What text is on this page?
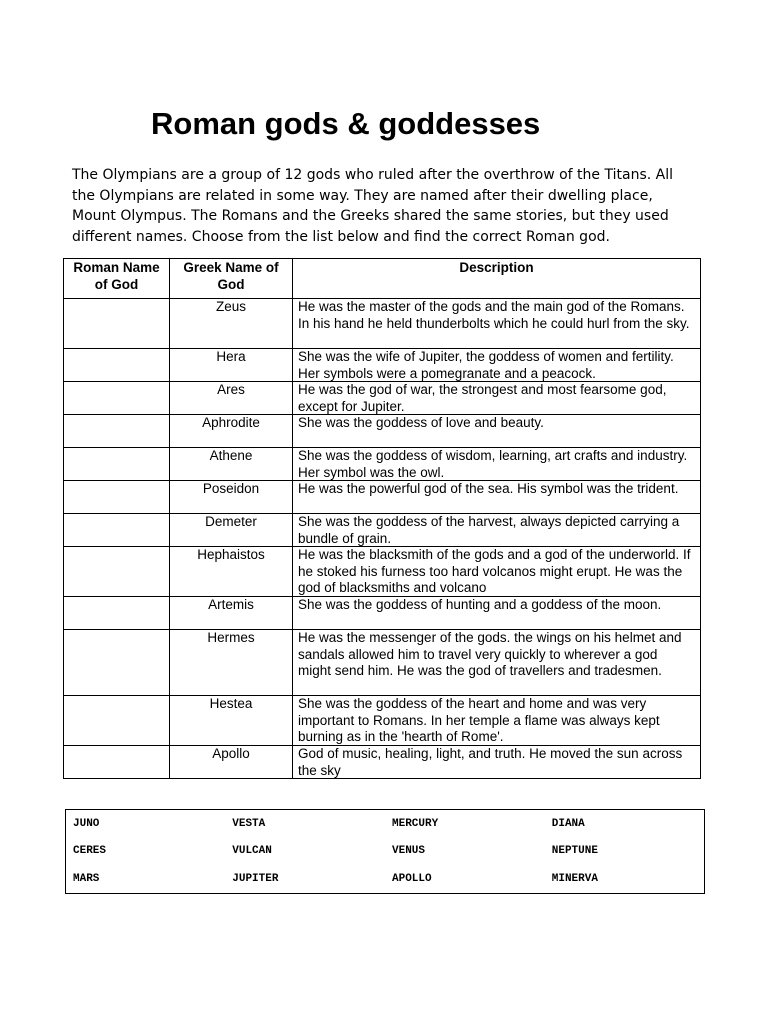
Roman gods & goddesses
The Olympians are a group of 12 gods who ruled after the overthrow of the Titans. All
the Olympians are related in some way. They are named after their dwelling place,
Mount Olympus. The Romans and the Greeks shared the same stories, but they used
different names. Choose from the list below and find the correct Roman god.
Roman Name of God	Greek Name of God	Description
	Zeus	He was the master of the gods and the main god of the Romans. In his hand he held thunderbolts which he could hurl from the sky.

	Hera	She was the wife of Jupiter, the goddess of women and fertility. Her symbols were a pomegranate and a peacock.

	Ares	He was the god of war, the strongest and most fearsome god, except for Jupiter.

	Aphrodite	She was the goddess of love and beauty.

	Athene	She was the goddess of wisdom, learning, art crafts and industry. Her symbol was the owl.

	Poseidon	He was the powerful god of the sea. His symbol was the trident.

	Demeter	She was the goddess of the harvest, always depicted carrying a bundle of grain.

	Hephaistos	He was the blacksmith of the gods and a god of the underworld. If he stoked his furness too hard volcanos might erupt. He was the god of blacksmiths and volcano

	Artemis	She was the goddess of hunting and a goddess of the moon.

	Hermes	He was the messenger of the gods. the wings on his helmet and sandals allowed him to travel very quickly to wherever a god might send him. He was the god of travellers and tradesmen.

	Hestea	She was the goddess of the heart and home and was very important to Romans. In her temple a flame was always kept burning as in the 'hearth of Rome'.

	Apollo	God of music, healing, light, and truth. He moved the sun across the sky
JUNO	VESTA	MERCURY	DIANA
CERES	VULCAN	VENUS	NEPTUNE
MARS	JUPITER	APOLLO	MINERVA
